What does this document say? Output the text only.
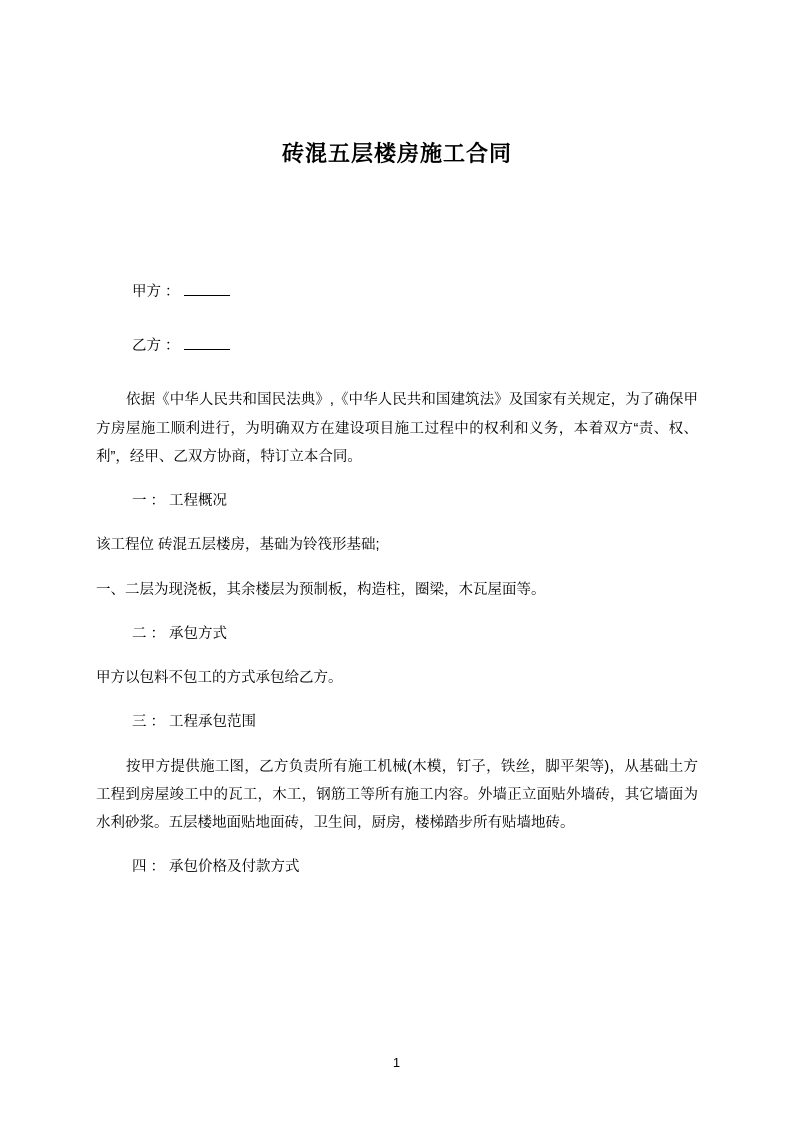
砖混五层楼房施工合同
甲方 ：
乙方 ：

依据《中华人民共和国民法典》,《中华人民共和国建筑法》及国家有关规定，为了确保甲方房屋施工顺利进行，为明确双方在建设项目施工过程中的权利和义务，本着双方“责、权、利”，经甲、乙双方协商，特订立本合同。

一 ： 工程概况

该工程位 砖混五层楼房，基础为铃筏形基础;

一、二层为现浇板，其余楼层为预制板，构造柱，圈梁，木瓦屋面等。

二 ： 承包方式

甲方以包料不包工的方式承包给乙方。

三 ： 工程承包范围

按甲方提供施工图，乙方负责所有施工机械(木模，钉子，铁丝，脚平架等)，从基础土方工程到房屋竣工中的瓦工，木工，钢筋工等所有施工内容。外墙正立面贴外墙砖，其它墙面为水利砂浆。五层楼地面贴地面砖，卫生间，厨房，楼梯踏步所有贴墙地砖。

四 ： 承包价格及付款方式

1
